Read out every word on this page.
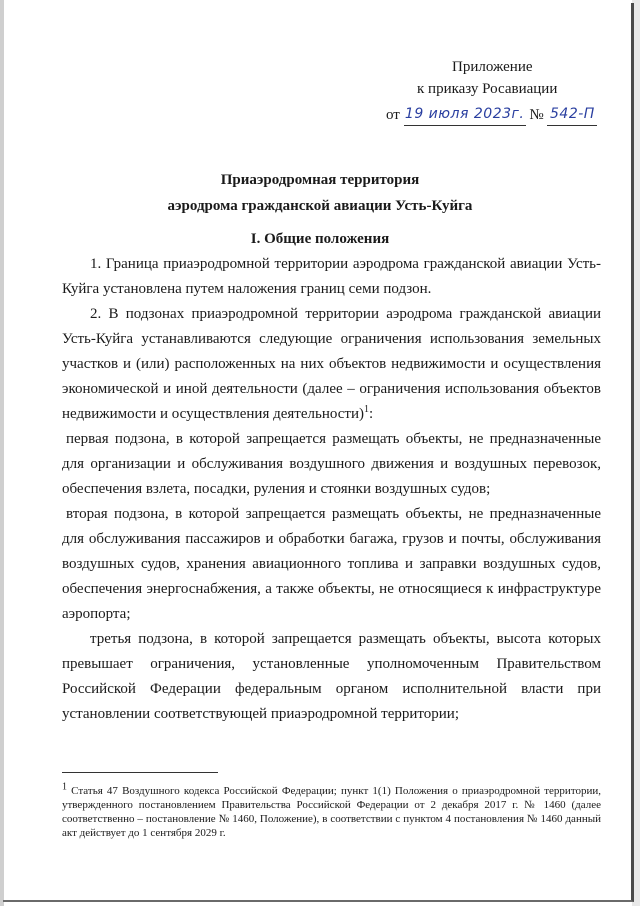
Приложение
к приказу Росавиации
от 19 июля 2023г. № 542-П
Приаэродромная территория
аэродрома гражданской авиации Усть-Куйга
I. Общие положения

1. Граница приаэродромной территории аэродрома гражданской авиации Усть-Куйга установлена путем наложения границ семи подзон.

2. В подзонах приаэродромной территории аэродрома гражданской авиации Усть-Куйга устанавливаются следующие ограничения использования земельных участков и (или) расположенных на них объектов недвижимости и осуществления экономической и иной деятельности (далее – ограничения использования объектов недвижимости и осуществления деятельности)$^1$:

первая подзона, в которой запрещается размещать объекты, не предназначенные для организации и обслуживания воздушного движения и воздушных перевозок, обеспечения взлета, посадки, руления и стоянки воздушных судов;

вторая подзона, в которой запрещается размещать объекты, не предназначенные для обслуживания пассажиров и обработки багажа, грузов и почты, обслуживания воздушных судов, хранения авиационного топлива и заправки воздушных судов, обеспечения энергоснабжения, а также объекты, не относящиеся к инфраструктуре аэропорта;

третья подзона, в которой запрещается размещать объекты, высота которых превышает ограничения, установленные уполномоченным Правительством Российской Федерации федеральным органом исполнительной власти при установлении соответствующей приаэродромной территории;

$^1$ Статья 47 Воздушного кодекса Российской Федерации; пункт 1(1) Положения о приаэродромной территории, утвержденного постановлением Правительства Российской Федерации от 2 декабря 2017 г. № 1460 (далее соответственно – постановление № 1460, Положение), в соответствии с пунктом 4 постановления № 1460 данный акт действует до 1 сентября 2029 г.
